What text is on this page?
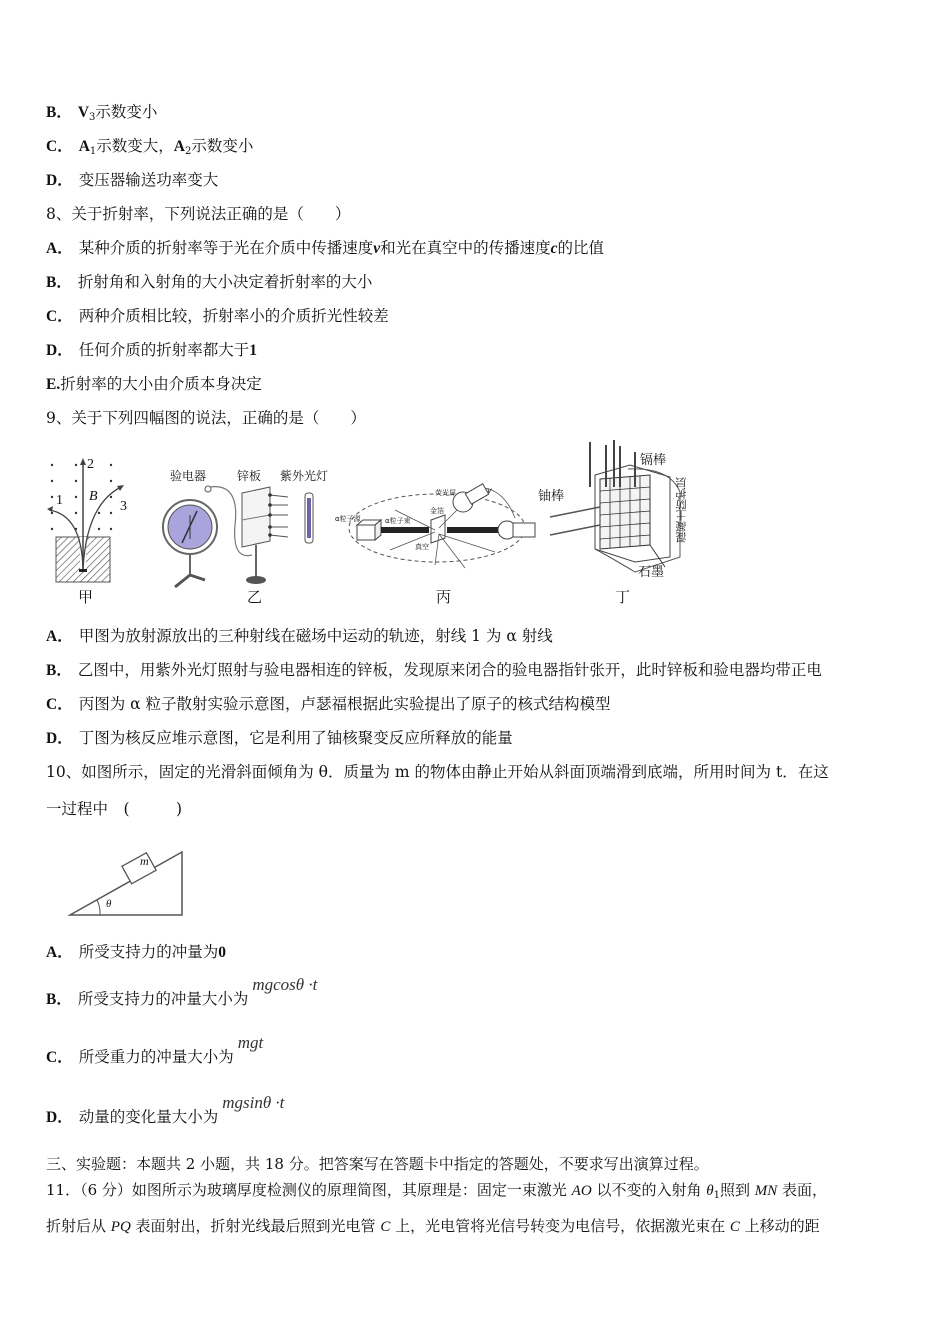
B． $V_3$示数变小
C． $A_1$示数变大，$A_2$示数变小
D． 变压器输送功率变大
8、关于折射率，下列说法正确的是（　　）
A． 某种介质的折射率等于光在介质中传播速度v和光在真空中的传播速度c的比值
B． 折射角和入射角的大小决定着折射率的大小
C． 两种介质相比较，折射率小的介质折光性较差
D． 任何介质的折射率都大于1
E.折射率的大小由介质本身决定
9、关于下列四幅图的说法，正确的是（　　）
1
2
3
B
甲
验电器	锌板 紫外光灯
乙
α粒子源	α粒子束
金箔
荧光屏
真空
v
丙
镉棒
铀棒
石墨
混凝土防护层
丁
A． 甲图为放射源放出的三种射线在磁场中运动的轨迹，射线 1 为 α 射线
B． 乙图中，用紫外光灯照射与验电器相连的锌板，发现原来闭合的验电器指针张开，此时锌板和验电器均带正电
C． 丙图为 α 粒子散射实验示意图，卢瑟福根据此实验提出了原子的核式结构模型
D． 丁图为核反应堆示意图，它是利用了铀核聚变反应所释放的能量
10、如图所示，固定的光滑斜面倾角为 θ．质量为 m 的物体由静止开始从斜面顶端滑到底端，所用时间为 t．在这
一过程中　(　　　)
m
θ
A． 所受支持力的冲量为0
B． 所受支持力的冲量大小为mgcosθ ·t
C． 所受重力的冲量大小为mgt
D． 动量的变化量大小为mgsinθ ·t
三、实验题：本题共 2 小题，共 18 分。把答案写在答题卡中指定的答题处，不要求写出演算过程。
11．（6 分）如图所示为玻璃厚度检测仪的原理简图，其原理是：固定一束激光 AO 以不变的入射角 $\theta_1$照到 MN 表面，
折射后从 PQ 表面射出，折射光线最后照到光电管 C 上，光电管将光信号转变为电信号，依据激光束在 C 上移动的距
